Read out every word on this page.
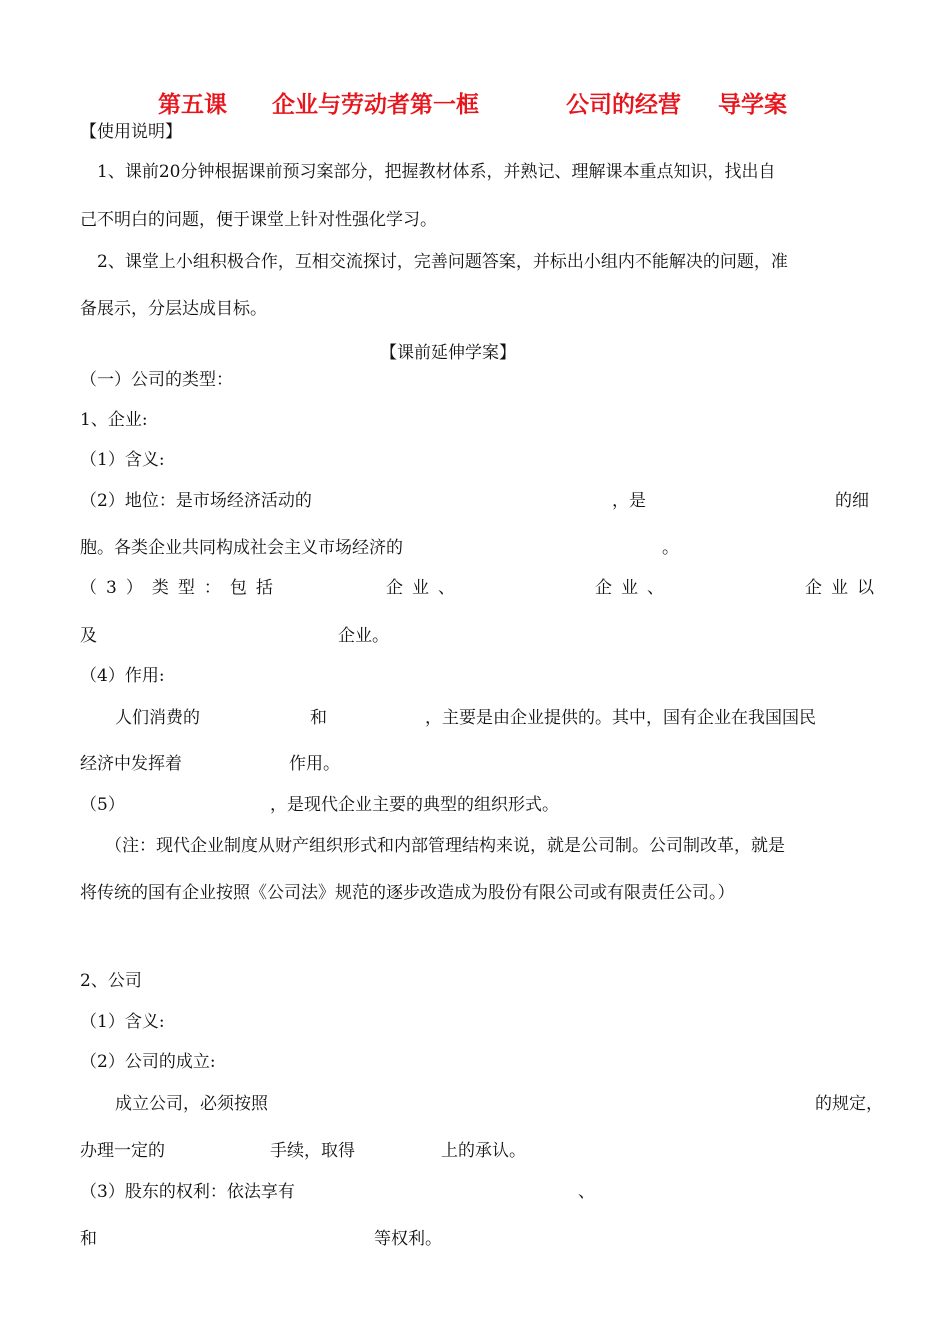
第五课 企业与劳动者第一框	公司的经营 导学案
【使用说明】
1、课前20分钟根据课前预习案部分，把握教材体系，并熟记、理解课本重点知识，找出自
己不明白的问题，便于课堂上针对性强化学习。
2、课堂上小组积极合作，互相交流探讨，完善问题答案，并标出小组内不能解决的问题，准
备展示，分层达成目标。
【课前延伸学案】
（一）公司的类型：
1、企业:
（1）含义:
（2）地位：是市场经济活动的	，是	的细
胞。各类企业共同构成社会主义市场经济的	。
（3）类型：包括	企业、	企业、	企业以
及	企业。
（4）作用:
人们消费的	和	，主要是由企业提供的。其中，国有企业在我国国民
经济中发挥着	作用。
（5）	，是现代企业主要的典型的组织形式。
（注：现代企业制度从财产组织形式和内部管理结构来说，就是公司制。公司制改革，就是
将传统的国有企业按照《公司法》规范的逐步改造成为股份有限公司或有限责任公司。）
2、公司
（1）含义:
（2）公司的成立:
成立公司，必须按照	的规定，
办理一定的	手续，取得	上的承认。
（3）股东的权利：依法享有	、
和	等权利。
